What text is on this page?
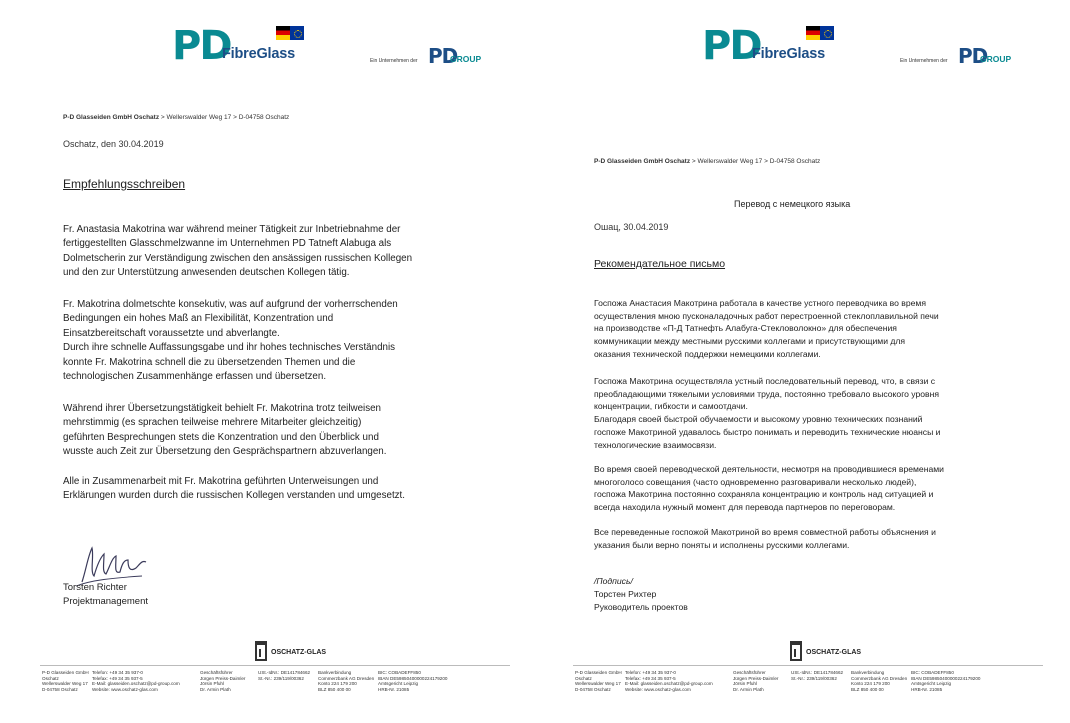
PD
FibreGlass	Ein Unternehmen der PD
GROUP
P-D Glasseiden GmbH Oschatz > Wellerswalder Weg 17 > D-04758 Oschatz
Oschatz, den 30.04.2019
Empfehlungsschreiben
Fr. Anastasia Makotrina war während meiner Tätigkeit zur Inbetriebnahme der
fertiggestellten Glasschmelzwanne im Unternehmen PD Tatneft Alabuga als
Dolmetscherin zur Verständigung zwischen den ansässigen russischen Kollegen
und den zur Unterstützung anwesenden deutschen Kollegen tätig.
Fr. Makotrina dolmetschte konsekutiv, was auf aufgrund der vorherrschenden
Bedingungen ein hohes Maß an Flexibilität, Konzentration und
Einsatzbereitschaft voraussetzte und abverlangte.
Durch ihre schnelle Auffassungsgabe und ihr hohes technisches Verständnis
konnte Fr. Makotrina schnell die zu übersetzenden Themen und die
technologischen Zusammenhänge erfassen und übersetzen.
Während ihrer Übersetzungstätigkeit behielt Fr. Makotrina trotz teilweisen
mehrstimmig (es sprachen teilweise mehrere Mitarbeiter gleichzeitig)
geführten Besprechungen stets die Konzentration und den Überblick und
wusste auch Zeit zur Übersetzung den Gesprächspartnern abzuverlangen.
Alle in Zusammenarbeit mit Fr. Makotrina geführten Unterweisungen und
Erklärungen wurden durch die russischen Kollegen verstanden und umgesetzt.
Torsten Richter
Projektmanagement
OSCHATZ-GLAS
P-D Glasseiden GmbH
Oschatz
Wellerswalder Weg 17
D-04758 Oschatz
Telefon: +49 34 35 937-0
Telefax: +49 34 35 937-5
E-Mail: glasseiden.oschatz@pd-group.com
Website: www.oschatz-glas.com
Geschäftsführer
Jürgen Preiss-Daimler
Jörsin Pfuhl
Dr. Armin Plath
USt.-IdNr.: DE141784662
St.-Nr.: 239/119/00362
Bankverbindung
Commerzbank AG Dresden
Konto 224 179 200
BLZ 850 400 00
BIC: COBADEFF850
IBAN DE59850400000224179200
Amtsgericht Leipzig
HRB-Nr. 21085
PD
FibreGlass	Ein Unternehmen der PD
GROUP
P-D Glasseiden GmbH Oschatz > Wellerswalder Weg 17 > D-04758 Oschatz
Перевод с немецкого языка
Ошац, 30.04.2019
Рекомендательное письмо
Госпожа Анастасия Макотрина работала в качестве устного переводчика во время
осуществления мною пусконаладочных работ перестроенной стеклоплавильной печи
на производстве «П-Д Татнефть Алабуга-Стекловолокно» для обеспечения
коммуникации между местными русскими коллегами и присутствующими для
оказания технической поддержки немецкими коллегами.
Госпожа Макотрина осуществляла устный последовательный перевод, что, в связи с
преобладающими тяжелыми условиями труда, постоянно требовало высокого уровня
концентрации, гибкости и самоотдачи.
Благодаря своей быстрой обучаемости и высокому уровню технических познаний
госпоже Макотриной удавалось быстро понимать и переводить технические нюансы и
технологические взаимосвязи.
Во время своей переводческой деятельности, несмотря на проводившиеся временами
многоголосо совещания (часто одновременно разговаривали несколько людей),
госпожа Макотрина постоянно сохраняла концентрацию и контроль над ситуацией и
всегда находила нужный момент для перевода партнеров по переговорам.
Все переведенные госпожой Макотриной во время совместной работы объяснения и
указания были верно поняты и исполнены русскими коллегами.
/Подпись/
Торстен Рихтер
Руководитель проектов
OSCHATZ-GLAS
P-D Glasseiden GmbH
Oschatz
Wellerswalder Weg 17
D-04758 Oschatz
Telefon: +49 34 35 937-0
Telefax: +49 34 35 937-5
E-Mail: glasseiden.oschatz@pd-group.com
Website: www.oschatz-glas.com
Geschäftsführer
Jürgen Preiss-Daimler
Jörsin Pfuhl
Dr. Armin Plath
USt.-IdNr.: DE141784662
St.-Nr.: 239/119/00362
Bankverbindung
Commerzbank AG Dresden
Konto 224 179 200
BLZ 850 400 00
BIC: COBADEFF850
IBAN DE59850400000224179200
Amtsgericht Leipzig
HRB-Nr. 21085
